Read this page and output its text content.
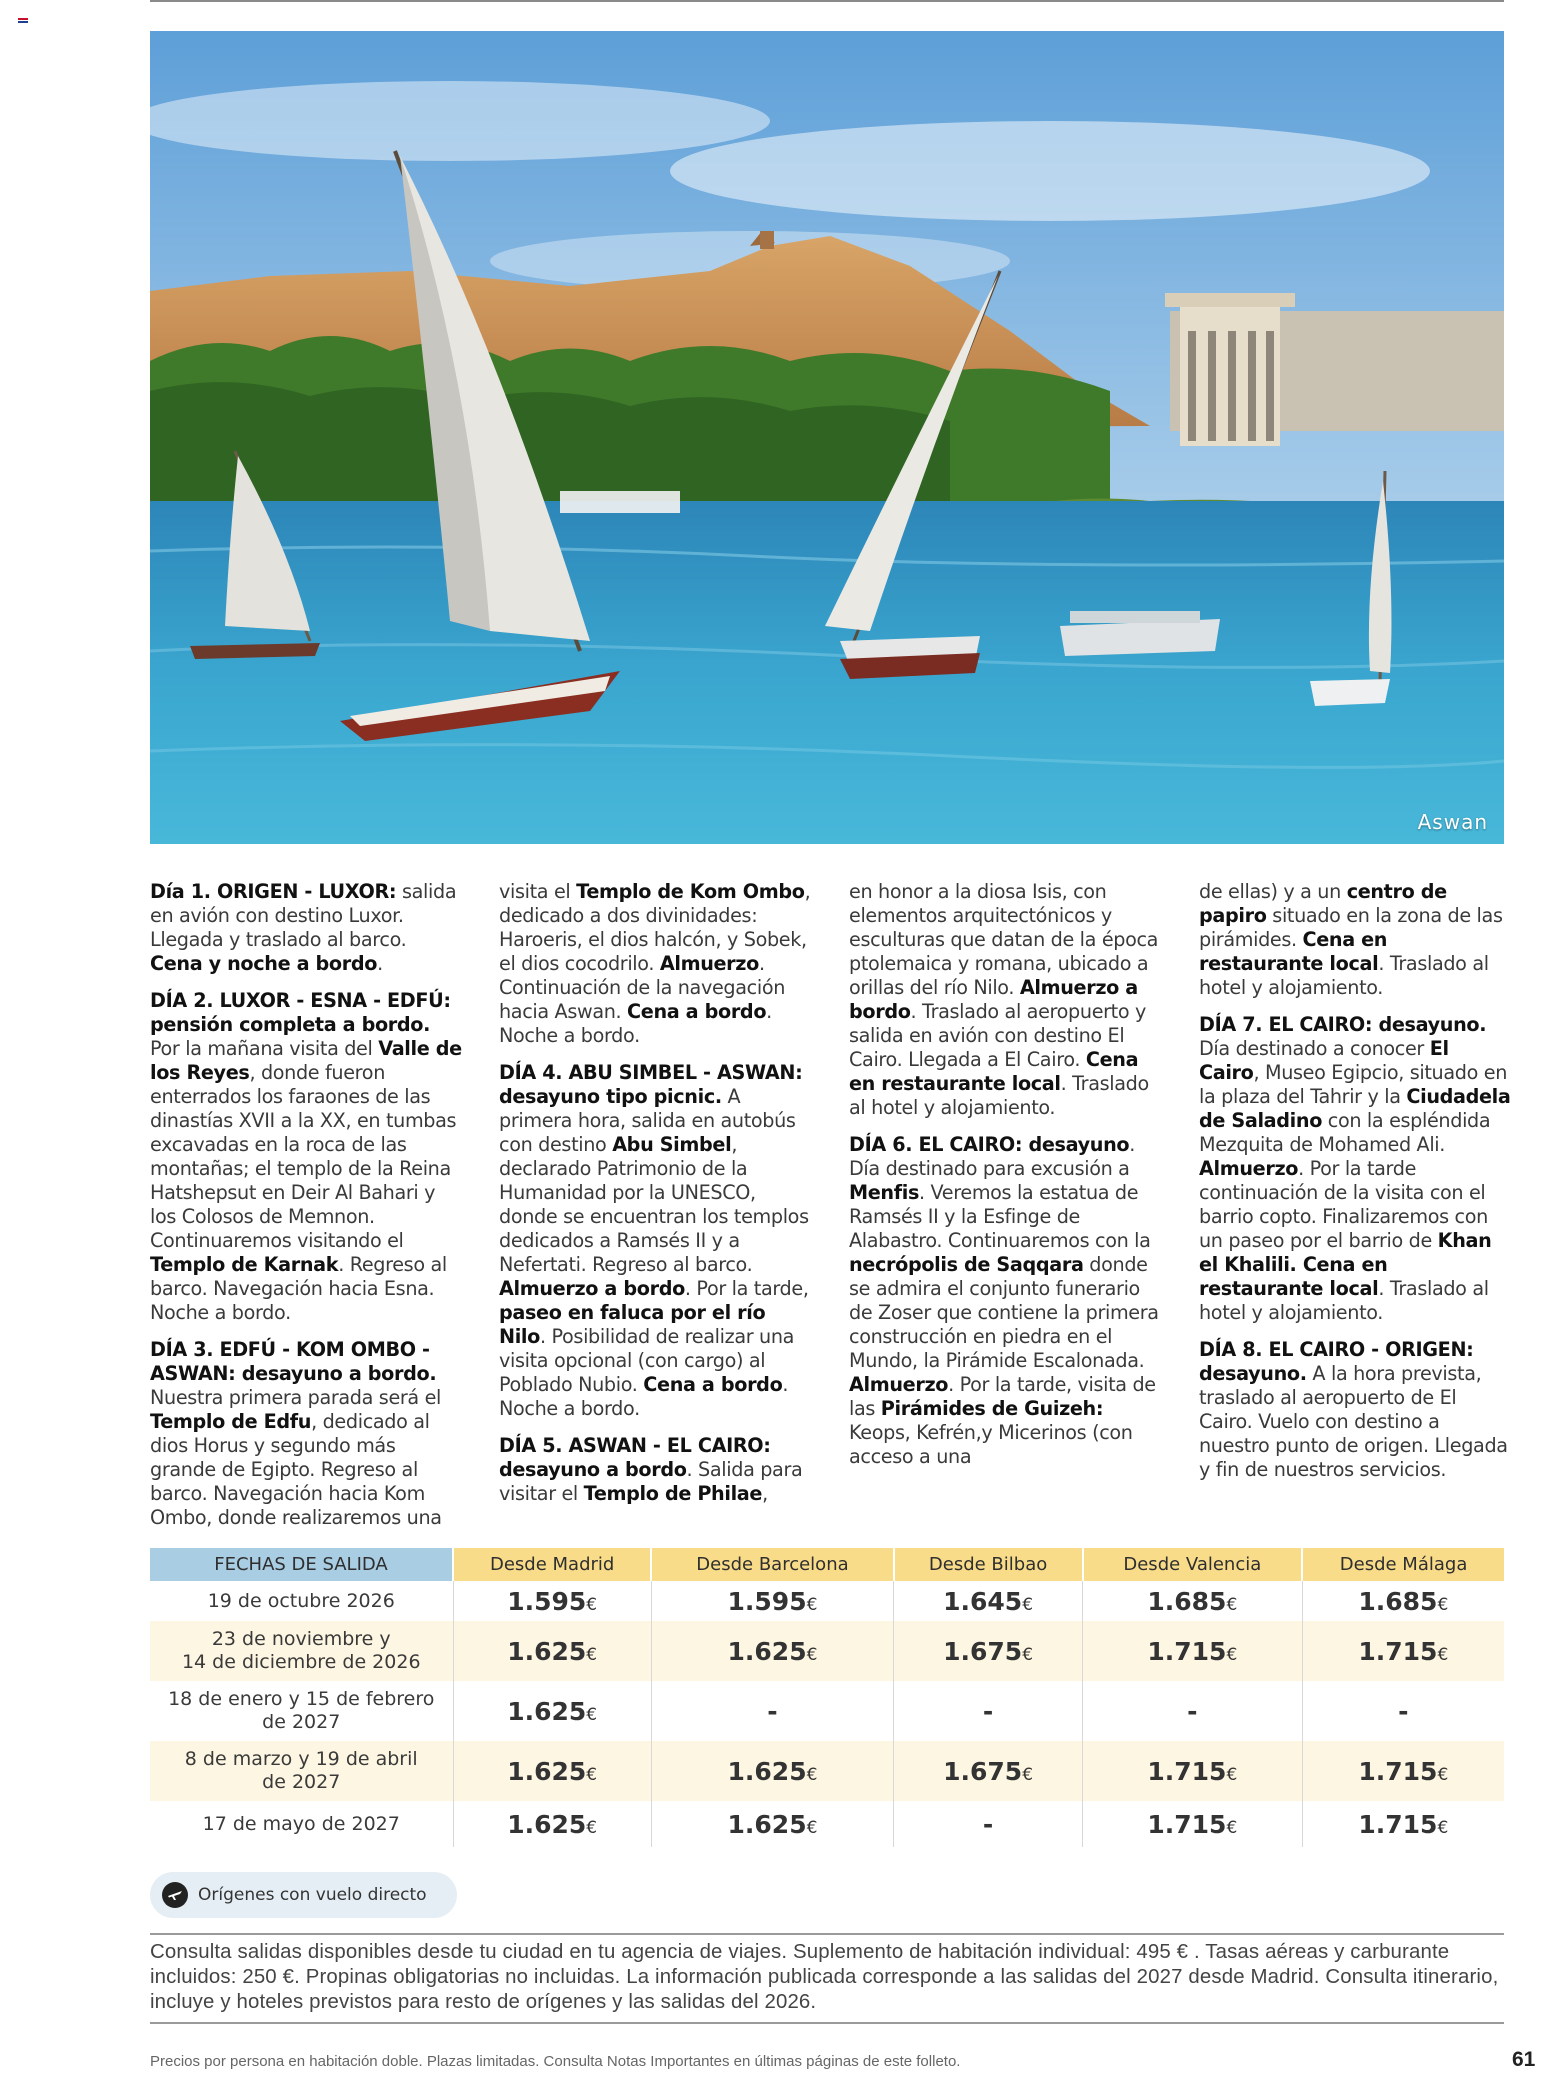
Aswan

Día 1. ORIGEN - LUXOR: salida en avión con destino Luxor. Llegada y traslado al barco. Cena y noche a bordo.

DÍA 2. LUXOR - ESNA - EDFÚ: pensión completa a bordo. Por la mañana visita del Valle de los Reyes, donde fueron enterrados los faraones de las dinastías XVII a la XX, en tumbas excavadas en la roca de las montañas; el templo de la Reina Hatshepsut en Deir Al Bahari y los Colosos de Memnon. Continuaremos visitando el Templo de Karnak. Regreso al barco. Navegación hacia Esna. Noche a bordo.

DÍA 3. EDFÚ - KOM OMBO - ASWAN: desayuno a bordo. Nuestra primera parada será el Templo de Edfu, dedicado al dios Horus y segundo más grande de Egipto. Regreso al barco. Navegación hacia Kom Ombo, donde realizaremos una

visita el Templo de Kom Ombo, dedicado a dos divinidades: Haroeris, el dios halcón, y Sobek, el dios cocodrilo. Almuerzo. Continuación de la navegación hacia Aswan. Cena a bordo. Noche a bordo.

DÍA 4. ABU SIMBEL - ASWAN: desayuno tipo picnic. A primera hora, salida en autobús con destino Abu Simbel, declarado Patrimonio de la Humanidad por la UNESCO, donde se encuentran los templos dedicados a Ramsés II y a Nefertati. Regreso al barco. Almuerzo a bordo. Por la tarde, paseo en faluca por el río Nilo. Posibilidad de realizar una visita opcional (con cargo) al Poblado Nubio. Cena a bordo. Noche a bordo.

DÍA 5. ASWAN - EL CAIRO: desayuno a bordo. Salida para visitar el Templo de Philae,

en honor a la diosa Isis, con elementos arquitectónicos y esculturas que datan de la época ptolemaica y romana, ubicado a orillas del río Nilo. Almuerzo a bordo. Traslado al aeropuerto y salida en avión con destino El Cairo. Llegada a El Cairo. Cena en restaurante local. Traslado al hotel y alojamiento.

DÍA 6. EL CAIRO: desayuno. Día destinado para excusión a Menfis. Veremos la estatua de Ramsés II y la Esfinge de Alabastro. Continuaremos con la necrópolis de Saqqara donde se admira el conjunto funerario de Zoser que contiene la primera construcción en piedra en el Mundo, la Pirámide Escalonada. Almuerzo. Por la tarde, visita de las Pirámides de Guizeh: Keops, Kefrén,y Micerinos (con acceso a una

de ellas) y a un centro de papiro situado en la zona de las pirámides. Cena en restaurante local. Traslado al hotel y alojamiento.

DÍA 7. EL CAIRO: desayuno. Día destinado a conocer El Cairo, Museo Egipcio, situado en la plaza del Tahrir y la Ciudadela de Saladino con la espléndida Mezquita de Mohamed Ali. Almuerzo. Por la tarde continuación de la visita con el barrio copto. Finalizaremos con un paseo por el barrio de Khan el Khalili. Cena en restaurante local. Traslado al hotel y alojamiento.

DÍA 8. EL CAIRO - ORIGEN: desayuno. A la hora prevista, traslado al aeropuerto de El Cairo. Vuelo con destino a nuestro punto de origen. Llegada y fin de nuestros servicios.

FECHAS DE SALIDA	Desde Madrid	Desde Barcelona	Desde Bilbao	Desde Valencia	Desde Málaga
19 de octubre 2026	1.595€	1.595€	1.645€	1.685€	1.685€
23 de noviembre y
14 de diciembre de 2026	1.625€	1.625€	1.675€	1.715€	1.715€
18 de enero y 15 de febrero
de 2027	1.625€	-	-	-	-
8 de marzo y 19 de abril
de 2027	1.625€	1.625€	1.675€	1.715€	1.715€
17 de mayo de 2027	1.625€	1.625€	-	1.715€	1.715€
Orígenes con vuelo directo
Consulta salidas disponibles desde tu ciudad en tu agencia de viajes. Suplemento de habitación individual: 495 € . Tasas aéreas y carburante incluidos: 250 €. Propinas obligatorias no incluidas. La información publicada corresponde a las salidas del 2027 desde Madrid. Consulta itinerario, incluye y hoteles previstos para resto de orígenes y las salidas del 2026.
Precios por persona en habitación doble. Plazas limitadas. Consulta Notas Importantes en últimas páginas de este folleto.	61
